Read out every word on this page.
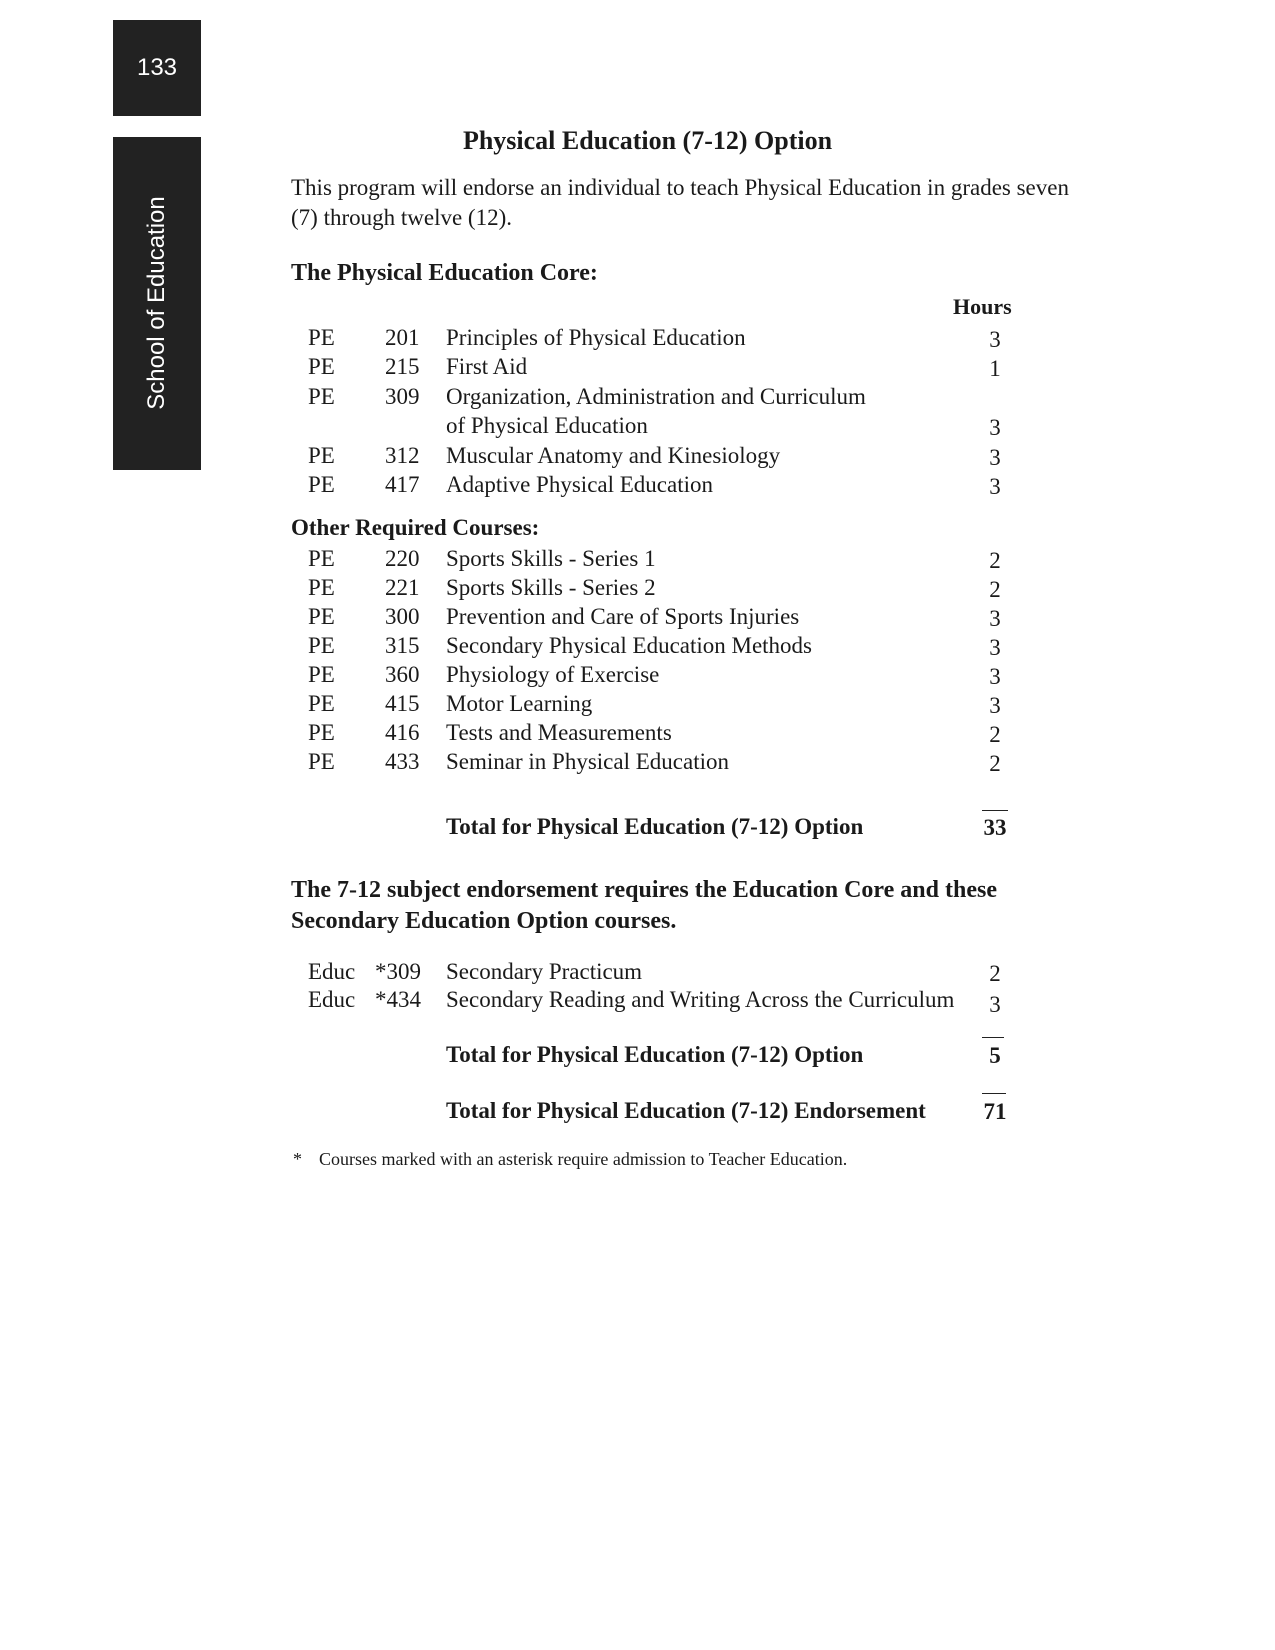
133
School of Education
Physical Education (7-12) Option
This program will endorse an individual to teach Physical Education in grades seven (7) through twelve (12).
The Physical Education Core:
Hours
PE 201 Principles of Physical Education	3
PE 215 First Aid	1
PE 309 Organization, Administration and Curriculum
of Physical Education	3
PE 312 Muscular Anatomy and Kinesiology	3
PE 417 Adaptive Physical Education	3
Other Required Courses:
PE 220 Sports Skills - Series 1	2
PE 221 Sports Skills - Series 2	2
PE 300 Prevention and Care of Sports Injuries	3
PE 315 Secondary Physical Education Methods	3
PE 360 Physiology of Exercise	3
PE 415 Motor Learning	3
PE 416 Tests and Measurements	2
PE 433 Seminar in Physical Education	2
Total for Physical Education (7-12) Option	33
The 7-12 subject endorsement requires the Education Core and these Secondary Education Option courses.
Educ *309 Secondary Practicum	2
Educ *434 Secondary Reading and Writing Across the Curriculum	3
Total for Physical Education (7-12) Option	5
Total for Physical Education (7-12) Endorsement	71
* Courses marked with an asterisk require admission to Teacher Education.
